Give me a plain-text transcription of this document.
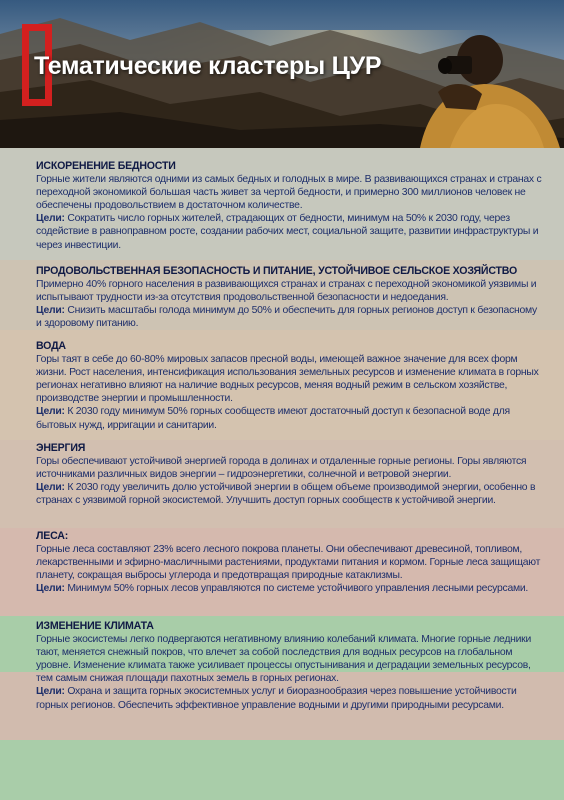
Тематические кластеры ЦУР

ИСКОРЕНЕНИЕ БЕДНОСТИ

Горные жители являются одними из самых бедных и голодных в мире. В развивающихся странах и странах с переходной экономикой большая часть живет за чертой бедности, и примерно 300 миллионов человек не обеспечены продовольствием в достаточном количестве.

Цели: Сократить число горных жителей, страдающих от бедности, минимум на 50% к 2030 году, через содействие в равноправном росте, создании рабочих мест, социальной защите, развитии инфраструктуры и через инвестиции.

ПРОДОВОЛЬСТВЕННАЯ БЕЗОПАСНОСТЬ И ПИТАНИЕ, УСТОЙЧИВОЕ СЕЛЬСКОЕ ХОЗЯЙСТВО

Примерно 40% горного населения в развивающихся странах и странах с переходной экономикой уязвимы и испытывают трудности из-за отсутствия продовольственной безопасности и недоедания.

Цели: Снизить масштабы голода минимум до 50% и обеспечить для горных регионов доступ к безопасному и здоровому питанию.

ВОДА

Горы таят в себе до 60-80% мировых запасов пресной воды, имеющей важное значение для всех форм жизни. Рост населения, интенсификация использования земельных ресурсов и изменение климата в горных регионах негативно влияют на наличие водных ресурсов, меняя водный режим в сельском хозяйстве, производстве энергии и промышленности.

Цели: К 2030 году минимум 50% горных сообществ имеют достаточный доступ к безопасной воде для бытовых нужд, ирригации и санитарии.

ЭНЕРГИЯ

Горы обеспечивают устойчивой энергией города в долинах и отдаленные горные регионы. Горы являются источниками различных видов энергии – гидроэнергетики, солнечной и ветровой энергии.

Цели: К 2030 году увеличить долю устойчивой энергии в общем объеме производимой энергии, особенно в странах с уязвимой горной экосистемой. Улучшить доступ горных сообществ к устойчивой энергии.

ЛЕСА:

Горные леса составляют 23% всего лесного покрова планеты. Они обеспечивают древесиной, топливом, лекарственными и эфирно-масличными растениями, продуктами питания и кормом. Горные леса защищают планету, сокращая выбросы углерода и предотвращая природные катаклизмы.

Цели: Минимум 50% горных лесов управляются по системе устойчивого управления лесными ресурсами.

ИЗМЕНЕНИЕ КЛИМАТА

Горные экосистемы легко подвергаются негативному влиянию колебаний климата. Многие горные ледники тают, меняется снежный покров, что влечет за собой последствия для водных ресурсов на глобальном уровне. Изменение климата также усиливает процессы опустынивания и деградации земельных ресурсов, тем самым снижая площади пахотных земель в горных регионах.

Цели: Охрана и защита горных экосистемных услуг и биоразнообразия через повышение устойчивости горных регионов. Обеспечить эффективное управление водными и другими природными ресурсами.
